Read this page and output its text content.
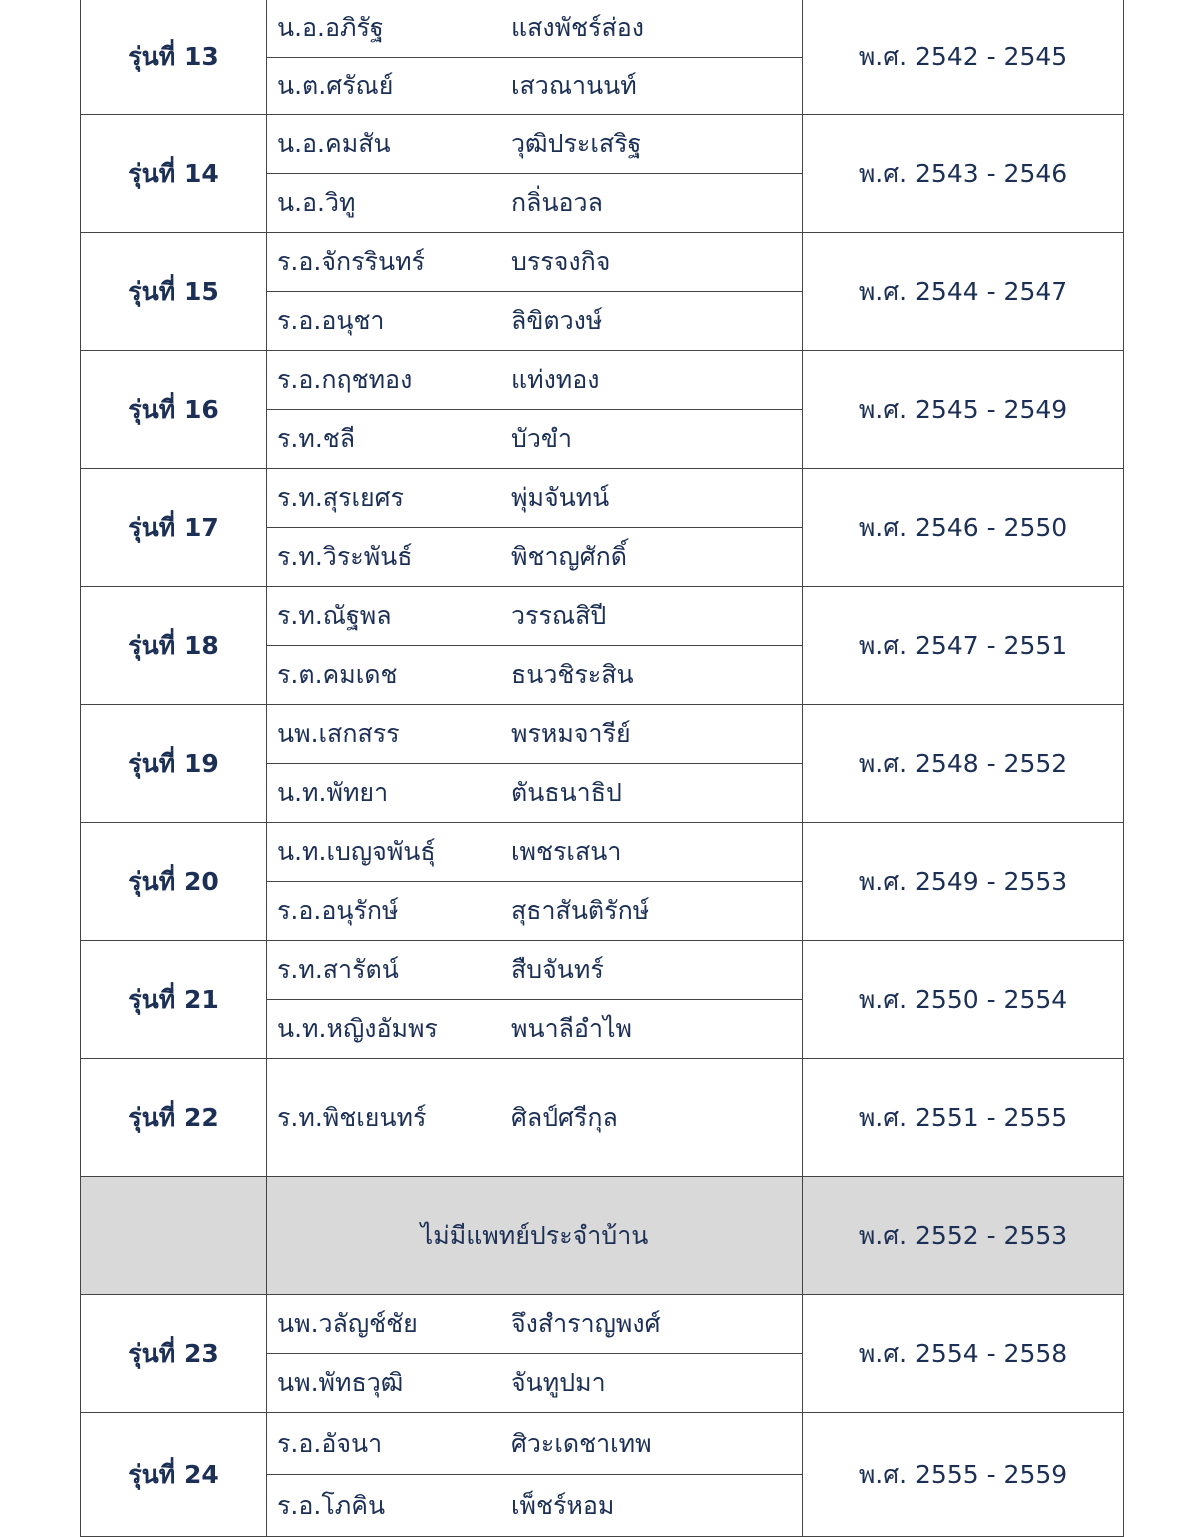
รุ่นที่ 13
น.อ.อภิรัฐ	แสงพัชร์ส่อง
น.ต.ศรัณย์	เสวณานนท์
พ.ศ. 2542 - 2545
รุ่นที่ 14
น.อ.คมสัน	วุฒิประเสริฐ
น.อ.วิทู	กลิ่นอวล
พ.ศ. 2543 - 2546
รุ่นที่ 15
ร.อ.จักรรินทร์	บรรจงกิจ
ร.อ.อนุชา	ลิขิตวงษ์
พ.ศ. 2544 - 2547
รุ่นที่ 16
ร.อ.กฤชทอง	แท่งทอง
ร.ท.ชลี	บัวขำ
พ.ศ. 2545 - 2549
รุ่นที่ 17
ร.ท.สุรเยศร	พุ่มจันทน์
ร.ท.วิระพันธ์	พิชาญศักดิ์
พ.ศ. 2546 - 2550
รุ่นที่ 18
ร.ท.ณัฐพล	วรรณสิปี
ร.ต.คมเดช	ธนวชิระสิน
พ.ศ. 2547 - 2551
รุ่นที่ 19
นพ.เสกสรร	พรหมจารีย์
น.ท.พัทยา	ตันธนาธิป
พ.ศ. 2548 - 2552
รุ่นที่ 20
น.ท.เบญจพันธุ์	เพชรเสนา
ร.อ.อนุรักษ์	สุธาสันติรักษ์
พ.ศ. 2549 - 2553
รุ่นที่ 21
ร.ท.สารัตน์	สืบจันทร์
น.ท.หญิงอัมพร	พนาลีอำไพ
พ.ศ. 2550 - 2554
รุ่นที่ 22	ร.ท.พิชเยนทร์	ศิลป์ศรีกุล	พ.ศ. 2551 - 2555
ไม่มีแพทย์ประจำบ้าน	พ.ศ. 2552 - 2553
รุ่นที่ 23
นพ.วลัญช์ชัย	จึงสำราญพงศ์
นพ.พัทธวุฒิ	จันทูปมา
พ.ศ. 2554 - 2558
รุ่นที่ 24
ร.อ.อัจนา	ศิวะเดชาเทพ
ร.อ.โภคิน	เพ็ชร์หอม
พ.ศ. 2555 - 2559
